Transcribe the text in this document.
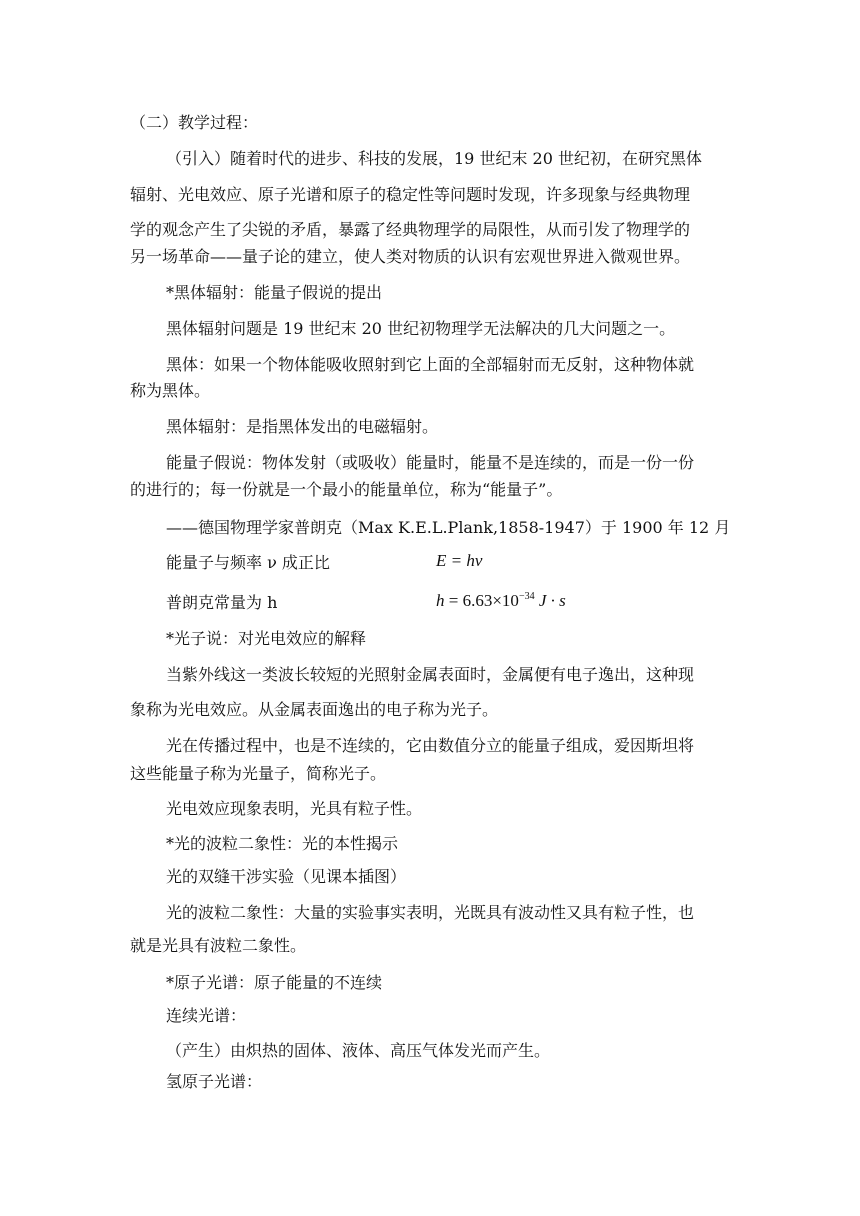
（二）教学过程：
（引入）随着时代的进步、科技的发展，19 世纪末 20 世纪初，在研究黑体
辐射、光电效应、原子光谱和原子的稳定性等问题时发现，许多现象与经典物理
学的观念产生了尖锐的矛盾，暴露了经典物理学的局限性，从而引发了物理学的
另一场革命——量子论的建立，使人类对物质的认识有宏观世界进入微观世界。
*黑体辐射：能量子假说的提出
黑体辐射问题是 19 世纪末 20 世纪初物理学无法解决的几大问题之一。
黑体：如果一个物体能吸收照射到它上面的全部辐射而无反射，这种物体就
称为黑体。
黑体辐射：是指黑体发出的电磁辐射。
能量子假说：物体发射（或吸收）能量时，能量不是连续的，而是一份一份
的进行的；每一份就是一个最小的能量单位，称为“能量子”。
——德国物理学家普朗克（Max K.E.L.Plank,1858-1947）于 1900 年 12 月
能量子与频率 ν 成正比	E = hν
普朗克常量为 h	$h = 6.63\times 10^{-34}$ J · s
*光子说：对光电效应的解释
当紫外线这一类波长较短的光照射金属表面时，金属便有电子逸出，这种现
象称为光电效应。从金属表面逸出的电子称为光子。
光在传播过程中，也是不连续的，它由数值分立的能量子组成，爱因斯坦将
这些能量子称为光量子，简称光子。
光电效应现象表明，光具有粒子性。
*光的波粒二象性：光的本性揭示
光的双缝干涉实验（见课本插图）
光的波粒二象性：大量的实验事实表明，光既具有波动性又具有粒子性，也
就是光具有波粒二象性。
*原子光谱：原子能量的不连续
连续光谱：
（产生）由炽热的固体、液体、高压气体发光而产生。
氢原子光谱：
